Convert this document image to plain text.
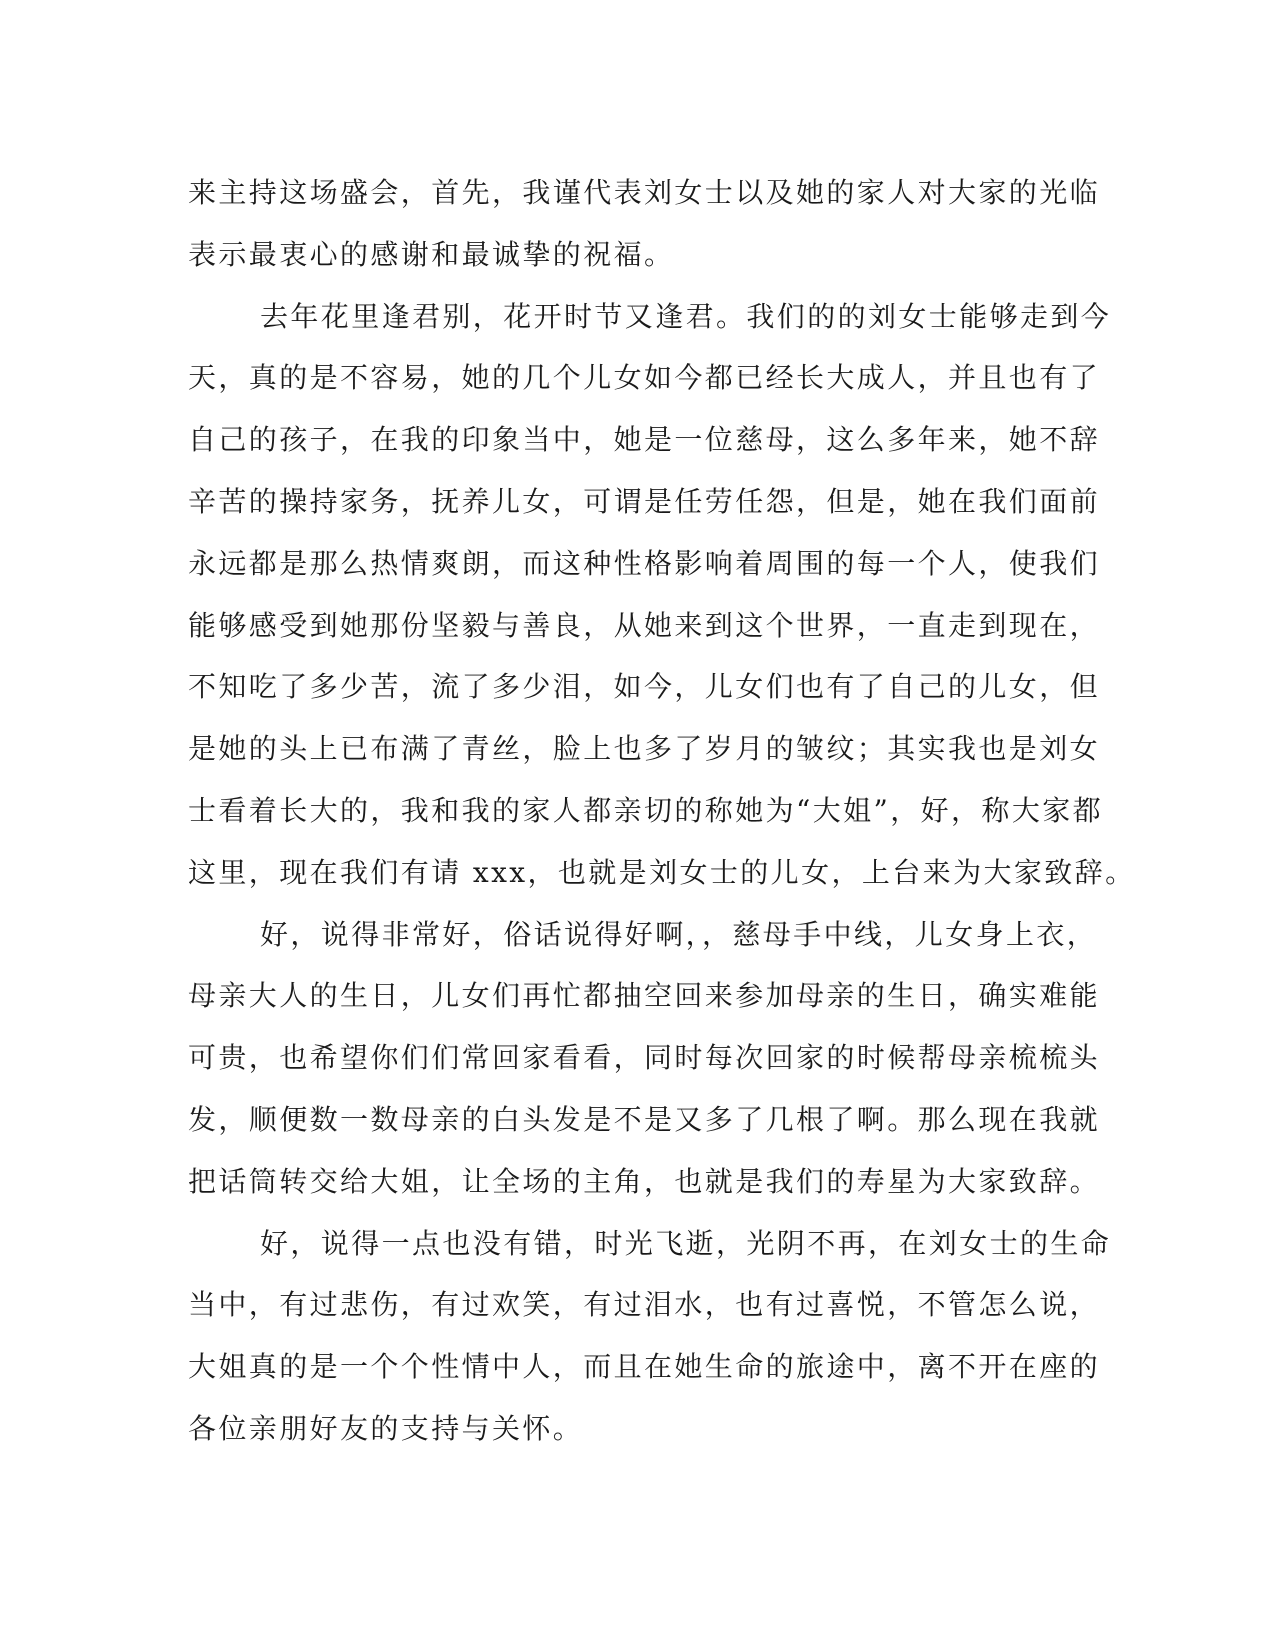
来主持这场盛会，首先，我谨代表刘女士以及她的家人对大家的光临
表示最衷心的感谢和最诚挚的祝福。
去年花里逢君别，花开时节又逢君。我们的的刘女士能够走到今
天，真的是不容易，她的几个儿女如今都已经长大成人，并且也有了
自己的孩子，在我的印象当中，她是一位慈母，这么多年来，她不辞
辛苦的操持家务，抚养儿女，可谓是任劳任怨，但是，她在我们面前
永远都是那么热情爽朗，而这种性格影响着周围的每一个人，使我们
能够感受到她那份坚毅与善良，从她来到这个世界，一直走到现在，
不知吃了多少苦，流了多少泪，如今，儿女们也有了自己的儿女，但
是她的头上已布满了青丝，脸上也多了岁月的皱纹；其实我也是刘女
士看着长大的，我和我的家人都亲切的称她为“大姐”，好，称大家都
这里，现在我们有请 xxx，也就是刘女士的儿女，上台来为大家致辞。
好，说得非常好，俗话说得好啊，，慈母手中线，儿女身上衣，
母亲大人的生日，儿女们再忙都抽空回来参加母亲的生日，确实难能
可贵，也希望你们们常回家看看，同时每次回家的时候帮母亲梳梳头
发，顺便数一数母亲的白头发是不是又多了几根了啊。那么现在我就
把话筒转交给大姐，让全场的主角，也就是我们的寿星为大家致辞。
好，说得一点也没有错，时光飞逝，光阴不再，在刘女士的生命
当中，有过悲伤，有过欢笑，有过泪水，也有过喜悦，不管怎么说，
大姐真的是一个个性情中人，而且在她生命的旅途中，离不开在座的
各位亲朋好友的支持与关怀。
